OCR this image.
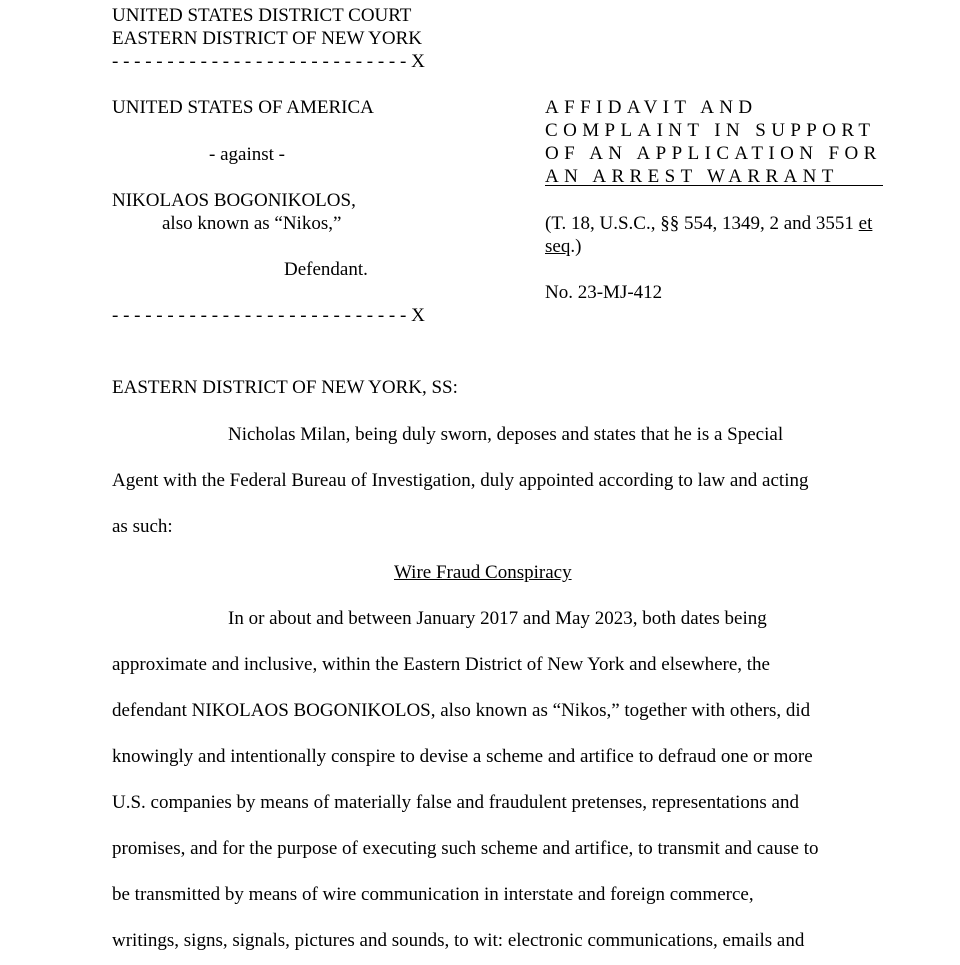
UNITED STATES DISTRICT COURT
EASTERN DISTRICT OF NEW YORK
- - - - - - - - - - - - - - - - - - - - - - - - - - - X
UNITED STATES OF AMERICA
- against -
NIKOLAOS BOGONIKOLOS,
also known as “Nikos,”
Defendant.
- - - - - - - - - - - - - - - - - - - - - - - - - - - X
AFFIDAVIT AND
COMPLAINT IN SUPPORT
OF AN APPLICATION FOR
AN ARREST WARRANT
(T. 18, U.S.C., §§ 554, 1349, 2 and 3551 et
seq.)
No. 23-MJ-412
EASTERN DISTRICT OF NEW YORK, SS:
Nicholas Milan, being duly sworn, deposes and states that he is a Special
Agent with the Federal Bureau of Investigation, duly appointed according to law and acting
as such:
Wire Fraud Conspiracy
In or about and between January 2017 and May 2023, both dates being
approximate and inclusive, within the Eastern District of New York and elsewhere, the
defendant NIKOLAOS BOGONIKOLOS, also known as “Nikos,” together with others, did
knowingly and intentionally conspire to devise a scheme and artifice to defraud one or more
U.S. companies by means of materially false and fraudulent pretenses, representations and
promises, and for the purpose of executing such scheme and artifice, to transmit and cause to
be transmitted by means of wire communication in interstate and foreign commerce,
writings, signs, signals, pictures and sounds, to wit: electronic communications, emails and
